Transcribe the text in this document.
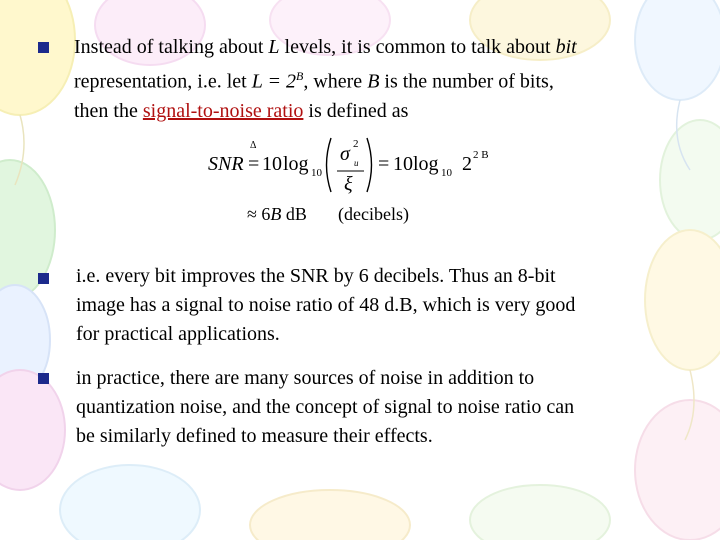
Instead of talking about L levels, it is common to talk about bit
representation, i.e. let $L = 2^B$, where B is the number of bits,
then the signal-to-noise ratio is defined as
SNR
Δ
= 10 log 10
σ 2
u
ξ
= 10 log 10 2 2 B
≈ 6B dB (decibels)
i.e. every bit improves the SNR by 6 decibels. Thus an 8-bit
image has a signal to noise ratio of 48 d.B, which is very good
for practical applications.
in practice, there are many sources of noise in addition to
quantization noise, and the concept of signal to noise ratio can
be similarly defined to measure their effects.
